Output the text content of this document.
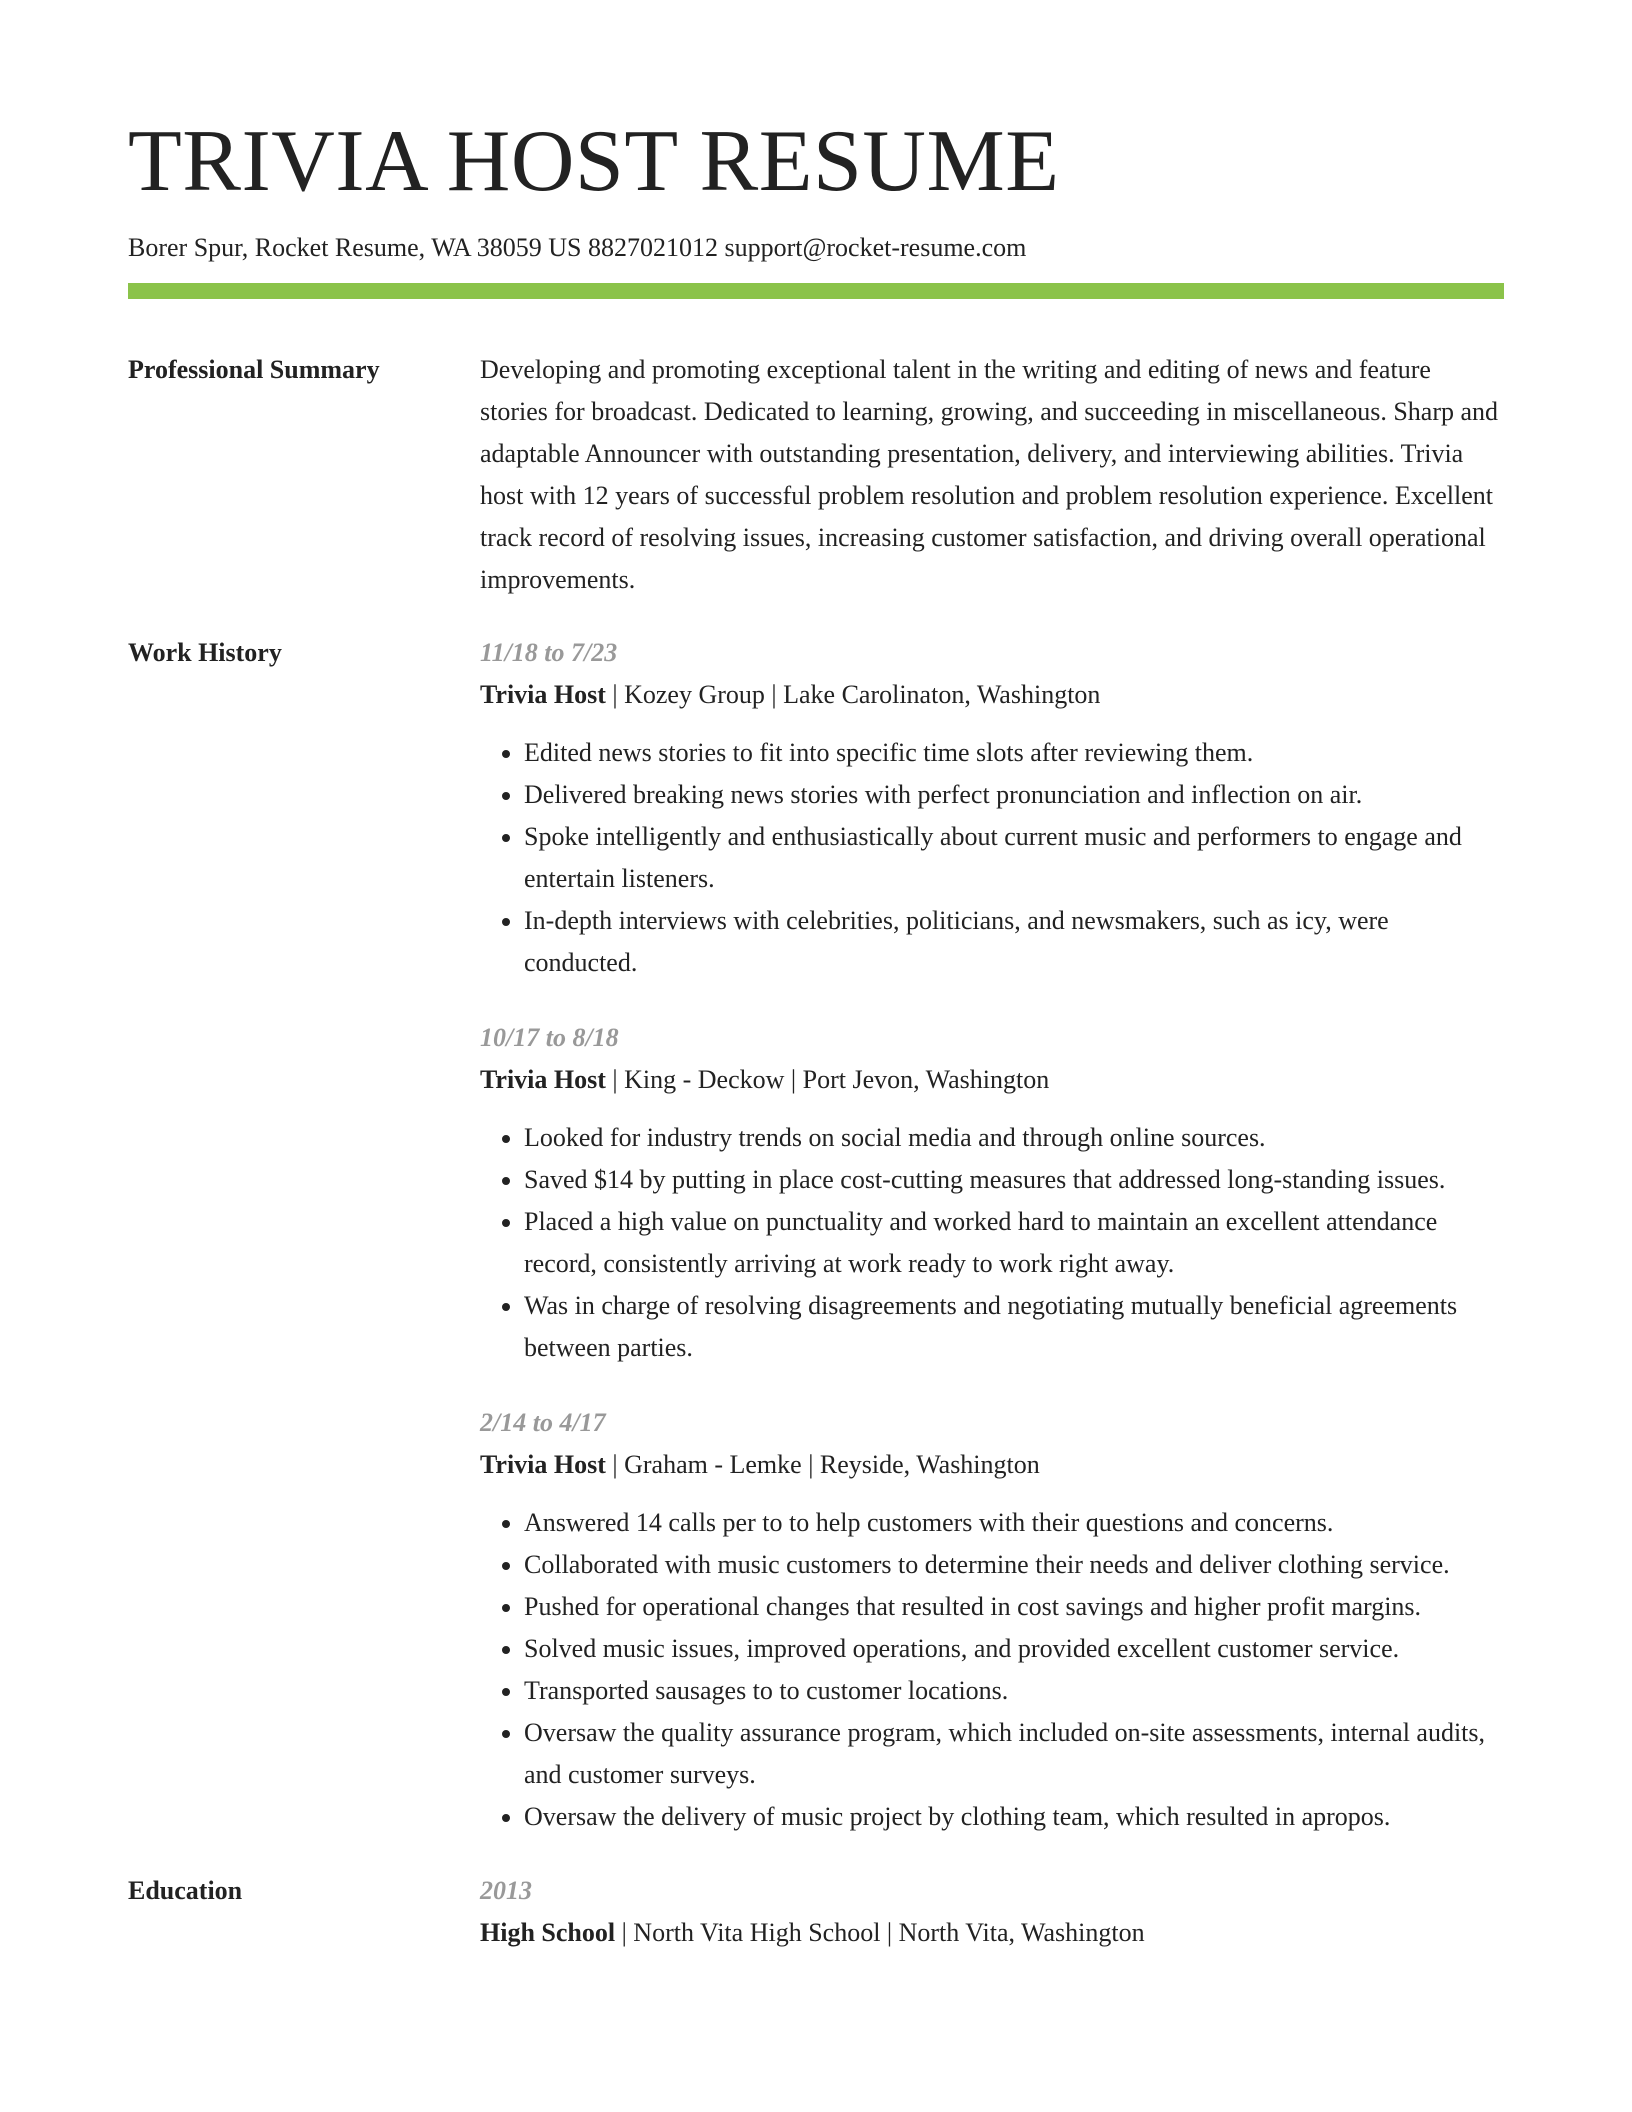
TRIVIA HOST RESUME
Borer Spur, Rocket Resume, WA 38059 US 8827021012 support@rocket-resume.com
Professional Summary	Developing and promoting exceptional talent in the writing and editing of news and feature stories for broadcast. Dedicated to learning, growing, and succeeding in miscellaneous. Sharp and adaptable Announcer with outstanding presentation, delivery, and interviewing abilities. Trivia host with 12 years of successful problem resolution and problem resolution experience. Excellent track record of resolving issues, increasing customer satisfaction, and driving overall operational improvements.
Work History	11/18 to 7/23
Trivia Host | Kozey Group | Lake Carolinaton, Washington
• Edited news stories to fit into specific time slots after reviewing them.
• Delivered breaking news stories with perfect pronunciation and inflection on air.
• Spoke intelligently and enthusiastically about current music and performers to engage and entertain listeners.
• In-depth interviews with celebrities, politicians, and newsmakers, such as icy, were conducted.
10/17 to 8/18
Trivia Host | King - Deckow | Port Jevon, Washington
• Looked for industry trends on social media and through online sources.
• Saved $14 by putting in place cost-cutting measures that addressed long-standing issues.
• Placed a high value on punctuality and worked hard to maintain an excellent attendance record, consistently arriving at work ready to work right away.
• Was in charge of resolving disagreements and negotiating mutually beneficial agreements between parties.
2/14 to 4/17
Trivia Host | Graham - Lemke | Reyside, Washington
• Answered 14 calls per to to help customers with their questions and concerns.
• Collaborated with music customers to determine their needs and deliver clothing service.
• Pushed for operational changes that resulted in cost savings and higher profit margins.
• Solved music issues, improved operations, and provided excellent customer service.
• Transported sausages to to customer locations.
• Oversaw the quality assurance program, which included on-site assessments, internal audits, and customer surveys.
• Oversaw the delivery of music project by clothing team, which resulted in apropos.
Education	2013
High School | North Vita High School | North Vita, Washington
